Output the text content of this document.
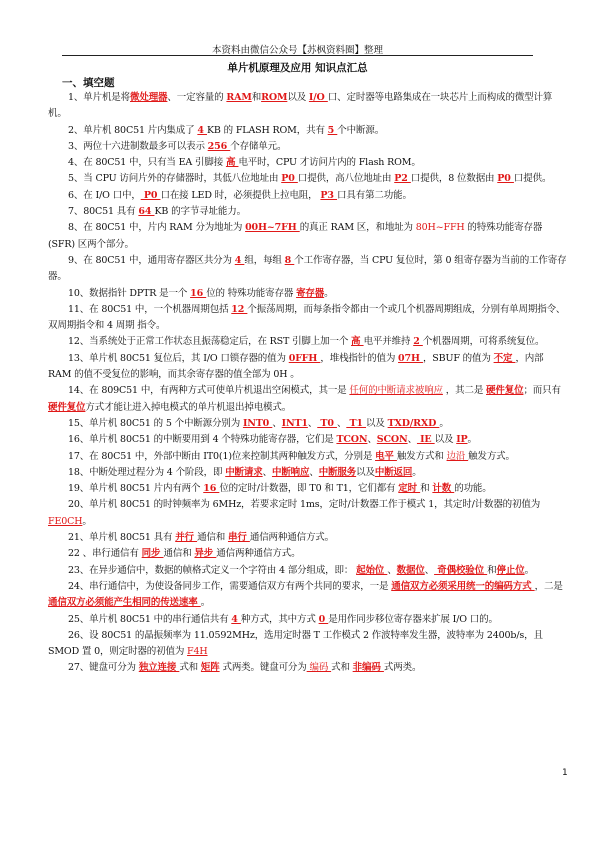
本资料由微信公众号【苏枫资料圈】整理
单片机原理及应用 知识点汇总
一、填空题

1、单片机是将微处理器、一定容量的 RAM和ROM以及 I/O 口、定时器等电路集成在一块芯片上而构成的微型计算机。

2、单片机 80C51 片内集成了 4 KB 的 FLASH ROM，共有 5 个中断源。

3、两位十六进制数最多可以表示 256 个存储单元。

4、在 80C51 中，只有当 EA 引脚接 高 电平时，CPU 才访问片内的 Flash ROM。

5、当 CPU 访问片外的存储器时，其低八位地址由 P0 口提供，高八位地址由 P2 口提供，8 位数据由 P0 口提供。

6、在 I/O 口中， P0 口在接 LED 时，必须提供上拉电阻， P3 口具有第二功能。

7、80C51 具有 64 KB 的字节寻址能力。

8、在 80C51 中，片内 RAM 分为地址为 00H~7FH 的真正 RAM 区，和地址为 80H~FFH 的特殊功能寄存器(SFR) 区两个部分。

9、在 80C51 中，通用寄存器区共分为 4 组，每组 8 个工作寄存器，当 CPU 复位时，第 0 组寄存器为当前的工作寄存器。

10、数据指针 DPTR 是一个 16 位的 特殊功能寄存器 寄存器。

11、在 80C51 中，一个机器周期包括 12 个振荡周期，而每条指令都由一个或几个机器周期组成，分别有单周期指令、双周期指令和 4 周期 指令。

12、当系统处于正常工作状态且振荡稳定后，在 RST 引脚上加一个 高 电平并维持 2 个机器周期，可将系统复位。

13、单片机 80C51 复位后，其 I/O 口锁存器的值为 0FFH ，堆栈指针的值为 07H ，SBUF 的值为 不定 ，内部 RAM 的值不受复位的影响，而其余寄存器的值全部为 0H 。

14、在 809C51 中，有两种方式可使单片机退出空闲模式，其一是 任何的中断请求被响应 ，其二是 硬件复位；而只有 硬件复位方式才能让进入掉电模式的单片机退出掉电模式。

15、单片机 80C51 的 5 个中断源分别为 INT0 、INT1、 T0 、 T1 以及 TXD/RXD 。

16、单片机 80C51 的中断要用到 4 个特殊功能寄存器，它们是 TCON、SCON、 IE 以及 IP。

17、在 80C51 中，外部中断由 IT0(1)位来控制其两种触发方式，分别是 电平 触发方式和 边沿 触发方式。

18、中断处理过程分为 4 个阶段，即 中断请求、中断响应、中断服务以及中断返回。

19、单片机 80C51 片内有两个 16 位的定时/计数器，即 T0 和 T1，它们都有 定时 和 计数 的功能。

20、单片机 80C51 的时钟频率为 6MHz，若要求定时 1ms，定时/计数器工作于模式 1，其定时/计数器的初值为 FE0CH。

21、单片机 80C51 具有 并行 通信和 串行 通信两种通信方式。

22 、串行通信有 同步 通信和 异步 通信两种通信方式。

23、在异步通信中，数据的帧格式定义一个字符由 4 部分组成，即： 起始位 、数据位、 奇偶校验位 和停止位。

24、串行通信中，为使设备同步工作，需要通信双方有两个共同的要求，一是 通信双方必须采用统一的编码方式 ，二是 通信双方必须能产生相同的传送速率 。

25、单片机 80C51 中的串行通信共有 4 种方式，其中方式 0 是用作同步移位寄存器来扩展 I/O 口的。

26、设 80C51 的晶振频率为 11.0592MHz，选用定时器 T 工作模式 2 作波特率发生器，波特率为 2400b/s，且 SMOD 置 0，则定时器的初值为 F4H

27、键盘可分为 独立连接 式和 矩阵 式两类。键盘可分为 编码 式和 非编码 式两类。

1
